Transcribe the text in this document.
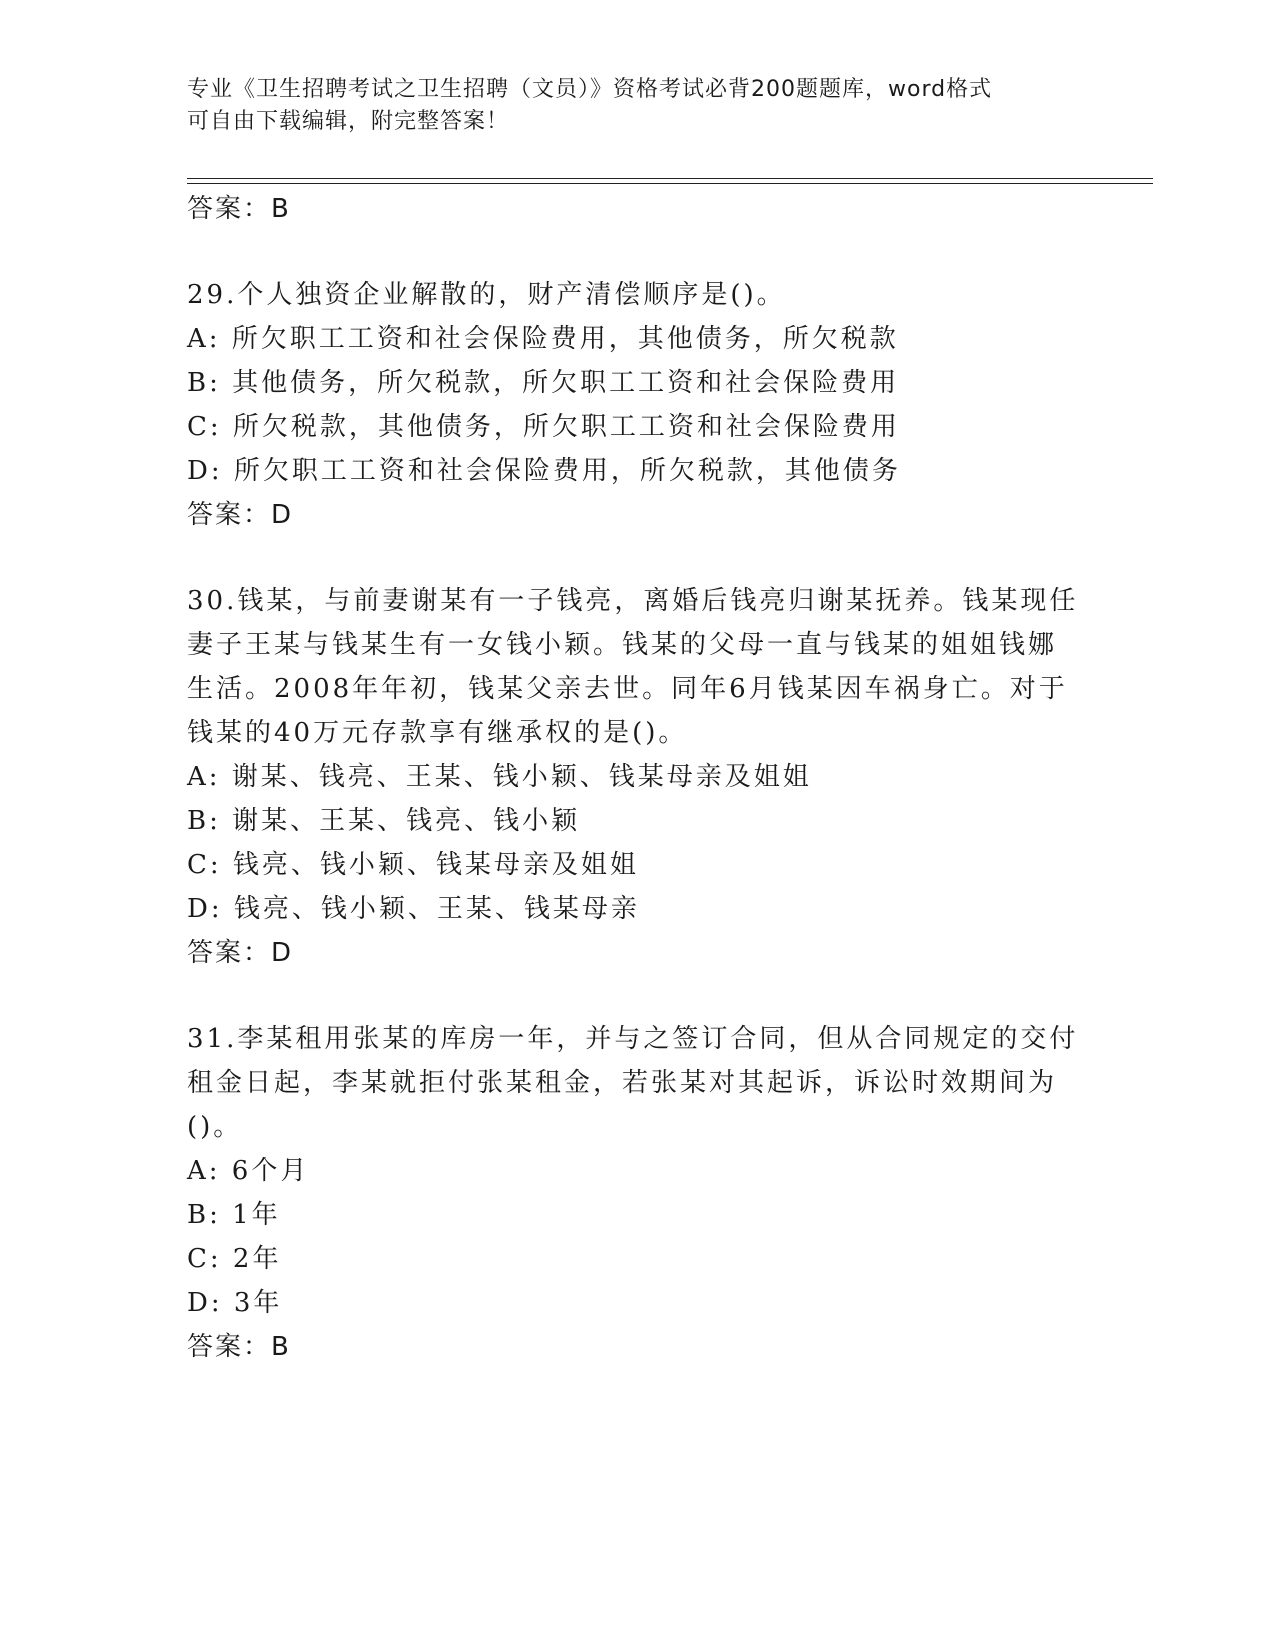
专业《卫生招聘考试之卫生招聘（文员）》资格考试必背200题题库，word格式
可自由下载编辑，附完整答案！
答案：B
29.个人独资企业解散的，财产清偿顺序是()。
A: 所欠职工工资和社会保险费用，其他债务，所欠税款
B: 其他债务，所欠税款，所欠职工工资和社会保险费用
C: 所欠税款，其他债务，所欠职工工资和社会保险费用
D: 所欠职工工资和社会保险费用，所欠税款，其他债务
答案：D
30.钱某，与前妻谢某有一子钱亮，离婚后钱亮归谢某抚养。钱某现任
妻子王某与钱某生有一女钱小颖。钱某的父母一直与钱某的姐姐钱娜
生活。2008年年初，钱某父亲去世。同年6月钱某因车祸身亡。对于
钱某的40万元存款享有继承权的是()。
A: 谢某、钱亮、王某、钱小颖、钱某母亲及姐姐
B: 谢某、王某、钱亮、钱小颖
C: 钱亮、钱小颖、钱某母亲及姐姐
D: 钱亮、钱小颖、王某、钱某母亲
答案：D
31.李某租用张某的库房一年，并与之签订合同，但从合同规定的交付
租金日起，李某就拒付张某租金，若张某对其起诉，诉讼时效期间为
()。
A: 6个月
B: 1年
C: 2年
D: 3年
答案：B
